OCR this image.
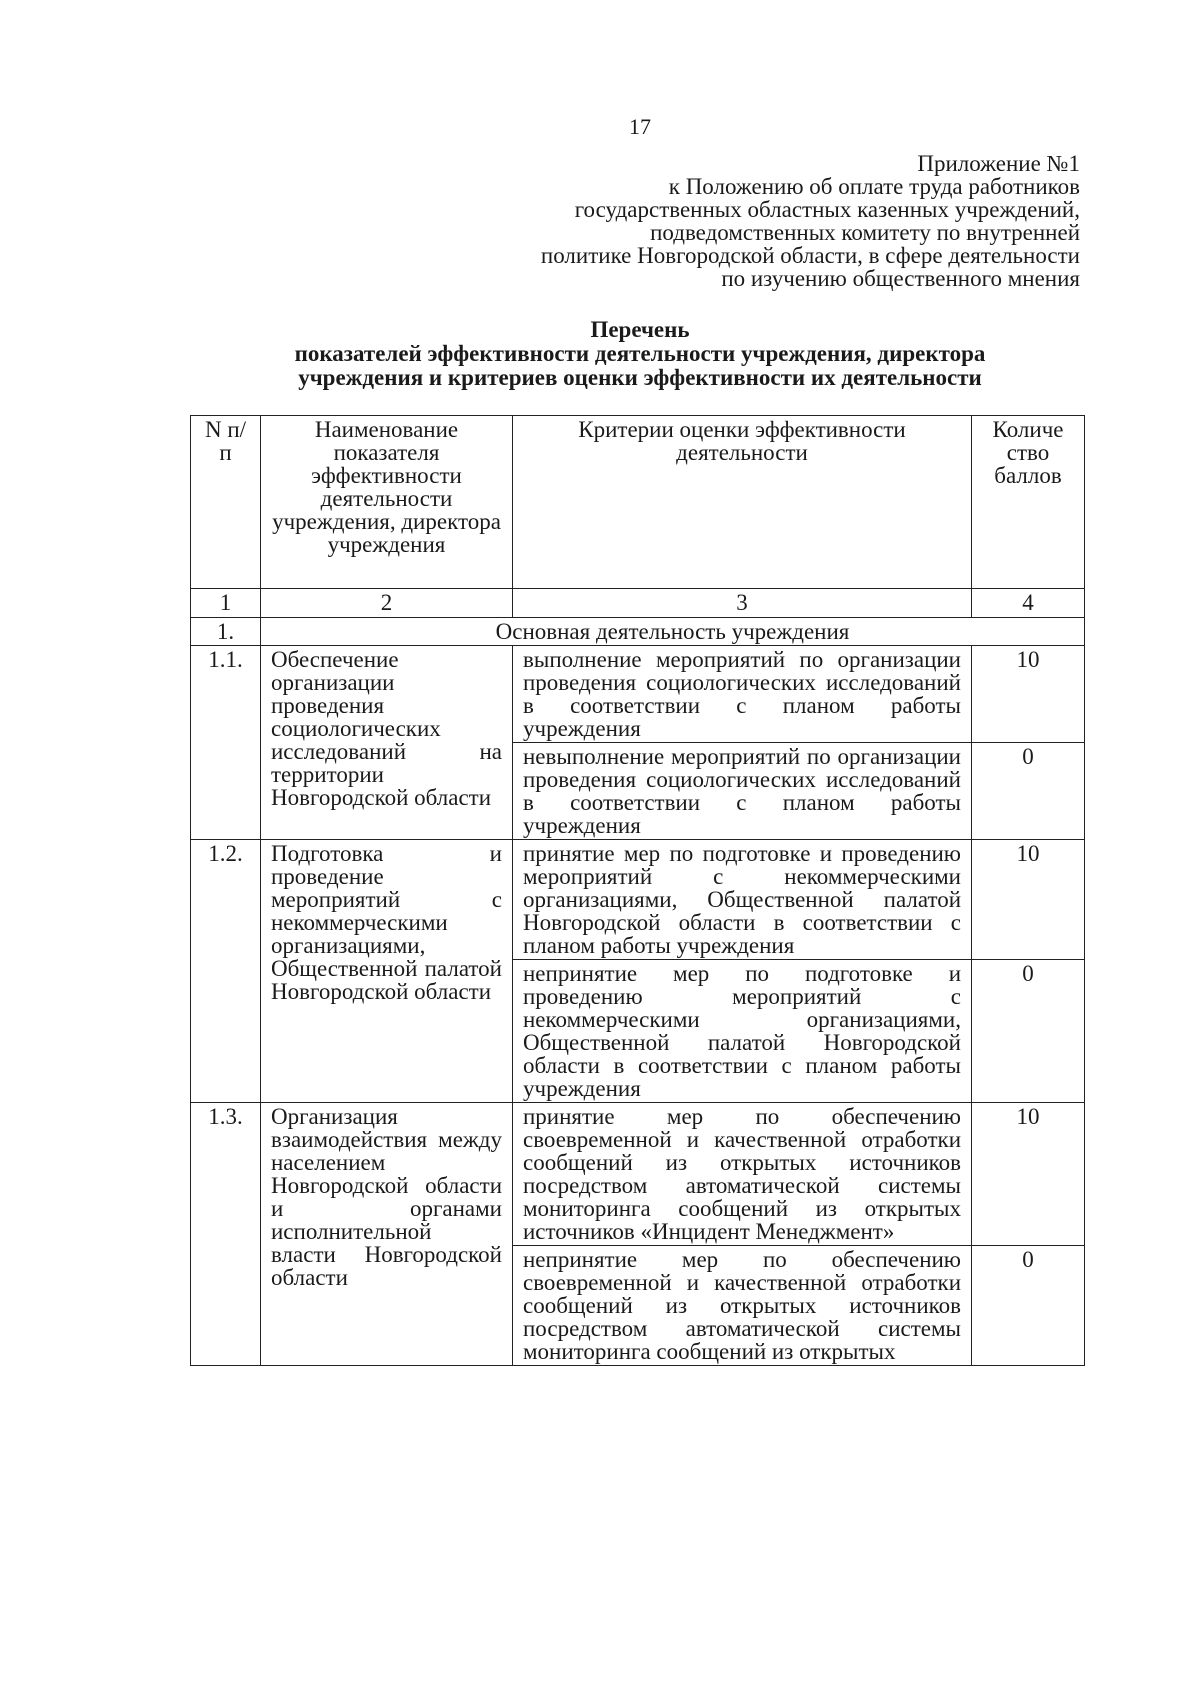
17
Приложение №1
к Положению об оплате труда работников
государственных областных казенных учреждений,
подведомственных комитету по внутренней
политике Новгородской области, в сфере деятельности
по изучению общественного мнения
Перечень
показателей эффективности деятельности учреждения, директора
учреждения и критериев оценки эффективности их деятельности
N п/п	Наименование показателя эффективности деятельности учреждения, директора учреждения	Критерии оценки эффективности деятельности	Количе ство баллов
1	2	3	4
1.	Основная деятельность учреждения		
1.1.	Обеспечение организации проведения социологических исследований на территории Новгородской области	выполнение мероприятий по организации проведения социологических исследований в соответствии с планом работы учреждения	10
		невыполнение мероприятий по организации проведения социологических исследований в соответствии с планом работы учреждения	0
1.2.	Подготовка и проведение мероприятий с некоммерческими организациями, Общественной палатой Новгородской области	принятие мер по подготовке и проведению мероприятий с некоммерческими организациями, Общественной палатой Новгородской области в соответствии с планом работы учреждения	10
		непринятие мер по подготовке и проведению мероприятий с некоммерческими организациями, Общественной палатой Новгородской области в соответствии с планом работы учреждения	0
1.3.	Организация взаимодействия между населением Новгородской области и органами исполнительной власти Новгородской области	принятие мер по обеспечению своевременной и качественной отработки сообщений из открытых источников посредством автоматической системы мониторинга сообщений из открытых источников «Инцидент Менеджмент»	10
		непринятие мер по обеспечению своевременной и качественной отработки сообщений из открытых источников посредством автоматической системы мониторинга сообщений из открытых	0
